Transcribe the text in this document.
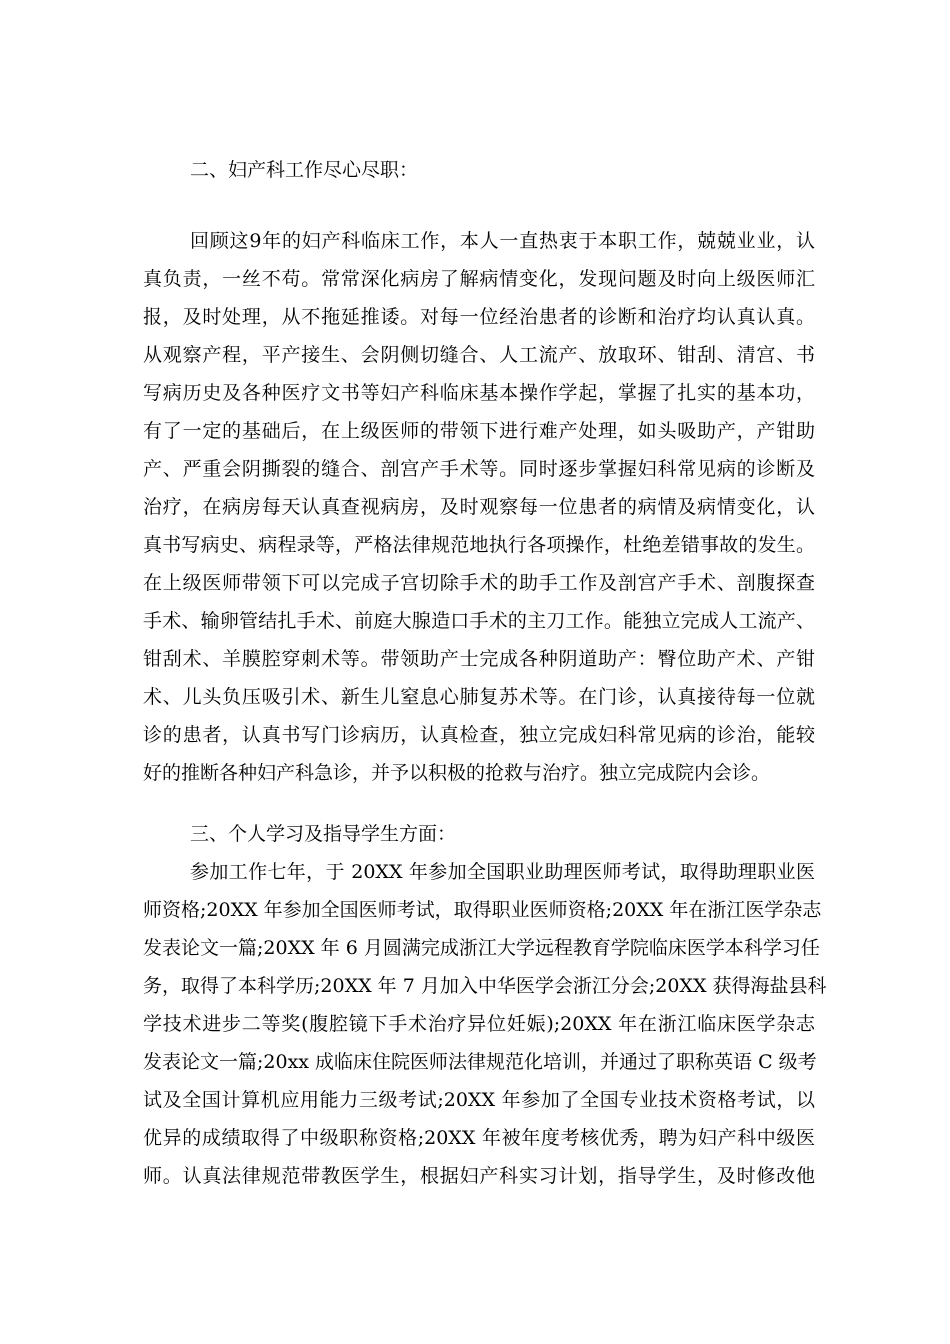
二、妇产科工作尽心尽职：
回顾这9年的妇产科临床工作，本人一直热衷于本职工作，兢兢业业，认
真负责，一丝不苟。常常深化病房了解病情变化，发现问题及时向上级医师汇
报，及时处理，从不拖延推诿。对每一位经治患者的诊断和治疗均认真认真。
从观察产程，平产接生、会阴侧切缝合、人工流产、放取环、钳刮、清宫、书
写病历史及各种医疗文书等妇产科临床基本操作学起，掌握了扎实的基本功，
有了一定的基础后，在上级医师的带领下进行难产处理，如头吸助产，产钳助
产、严重会阴撕裂的缝合、剖宫产手术等。同时逐步掌握妇科常见病的诊断及
治疗，在病房每天认真查视病房，及时观察每一位患者的病情及病情变化，认
真书写病史、病程录等，严格法律规范地执行各项操作，杜绝差错事故的发生。
在上级医师带领下可以完成子宫切除手术的助手工作及剖宫产手术、剖腹探查
手术、输卵管结扎手术、前庭大腺造口手术的主刀工作。能独立完成人工流产、
钳刮术、羊膜腔穿刺术等。带领助产士完成各种阴道助产：臀位助产术、产钳
术、儿头负压吸引术、新生儿窒息心肺复苏术等。在门诊，认真接待每一位就
诊的患者，认真书写门诊病历，认真检查，独立完成妇科常见病的诊治，能较
好的推断各种妇产科急诊，并予以积极的抢救与治疗。独立完成院内会诊。
三、个人学习及指导学生方面：
参加工作七年，于 20XX 年参加全国职业助理医师考试，取得助理职业医
师资格;20XX 年参加全国医师考试，取得职业医师资格;20XX 年在浙江医学杂志
发表论文一篇;20XX 年 6 月圆满完成浙江大学远程教育学院临床医学本科学习任
务，取得了本科学历;20XX 年 7 月加入中华医学会浙江分会;20XX 获得海盐县科
学技术进步二等奖(腹腔镜下手术治疗异位妊娠);20XX 年在浙江临床医学杂志
发表论文一篇;20xx 成临床住院医师法律规范化培训，并通过了职称英语 C 级考
试及全国计算机应用能力三级考试;20XX 年参加了全国专业技术资格考试，以
优异的成绩取得了中级职称资格;20XX 年被年度考核优秀，聘为妇产科中级医
师。认真法律规范带教医学生，根据妇产科实习计划，指导学生，及时修改他
